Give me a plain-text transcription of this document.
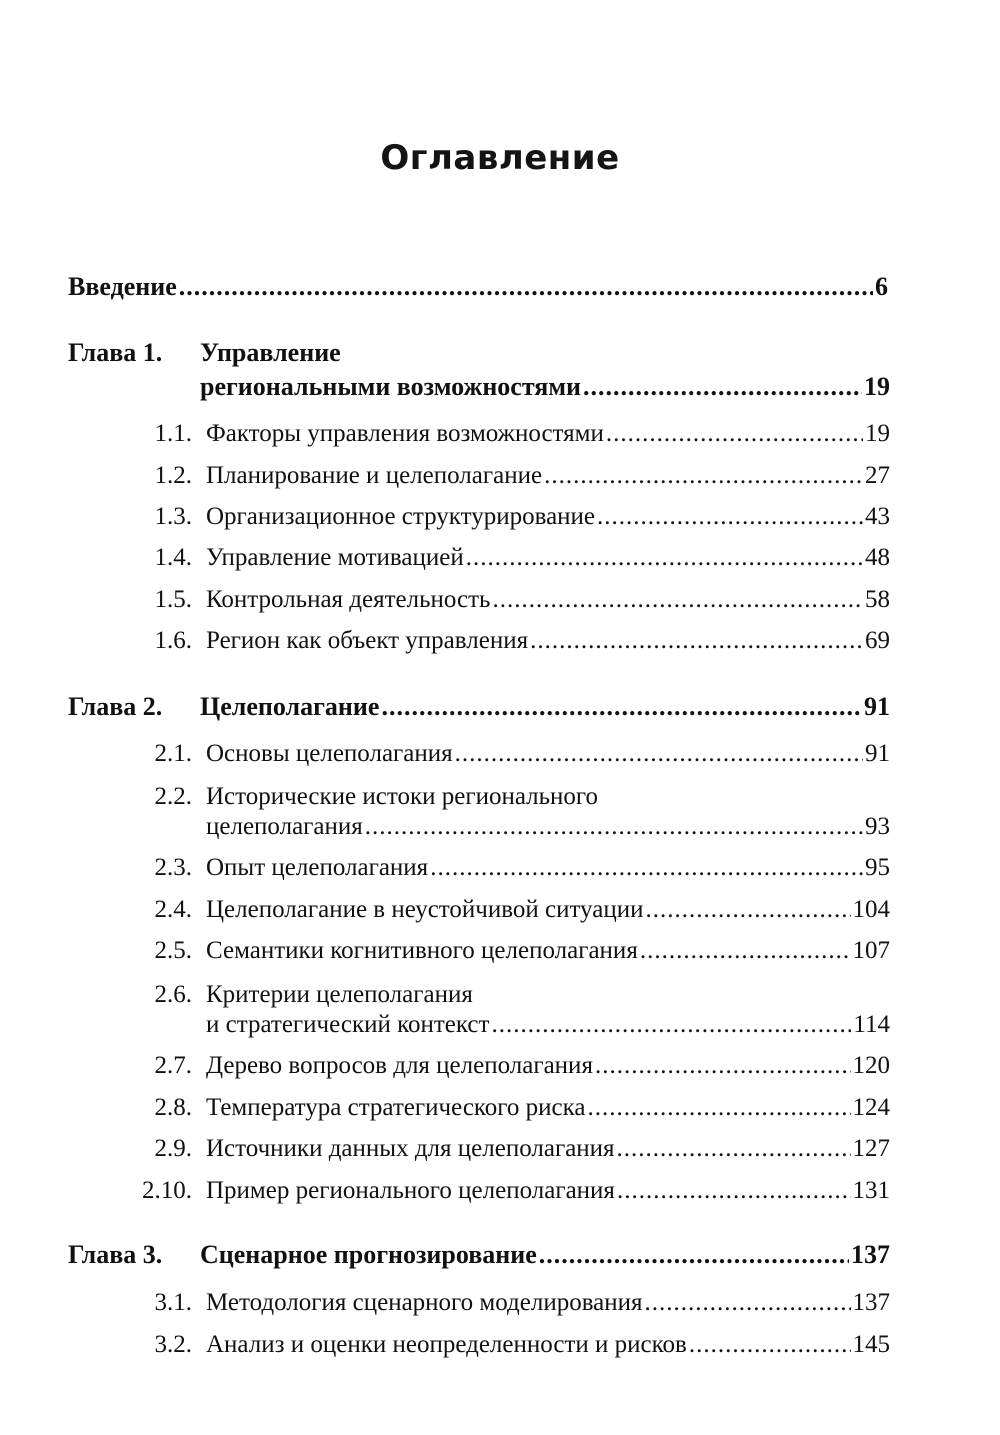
Оглавление
Введение .....	6
Глава 1. Управление
региональными возможностями .....	19
1.1. Факторы управления возможностями .....	19
1.2. Планирование и целеполагание .....	27
1.3. Организационное структурирование .....	43
1.4. Управление мотивацией .....	48
1.5. Контрольная деятельность .....	58
1.6. Регион как объект управления .....	69
Глава 2.	Целеполагание .....	91
2.1. Основы целеполагания .....	91
2.2. Исторические истоки регионального
целеполагания .....	93
2.3. Опыт целеполагания .....	95
2.4. Целеполагание в неустойчивой ситуации .....	104
2.5. Семантики когнитивного целеполагания .....	107
2.6. Критерии целеполагания
и стратегический контекст .....	114
2.7. Дерево вопросов для целеполагания .....	120
2.8. Температура стратегического риска .....	124
2.9. Источники данных для целеполагания .....	127
2.10. Пример регионального целеполагания .....	131
Глава 3.	Сценарное прогнозирование .....	137
3.1. Методология сценарного моделирования .....	137
3.2. Анализ и оценки неопределенности и рисков .....	145
